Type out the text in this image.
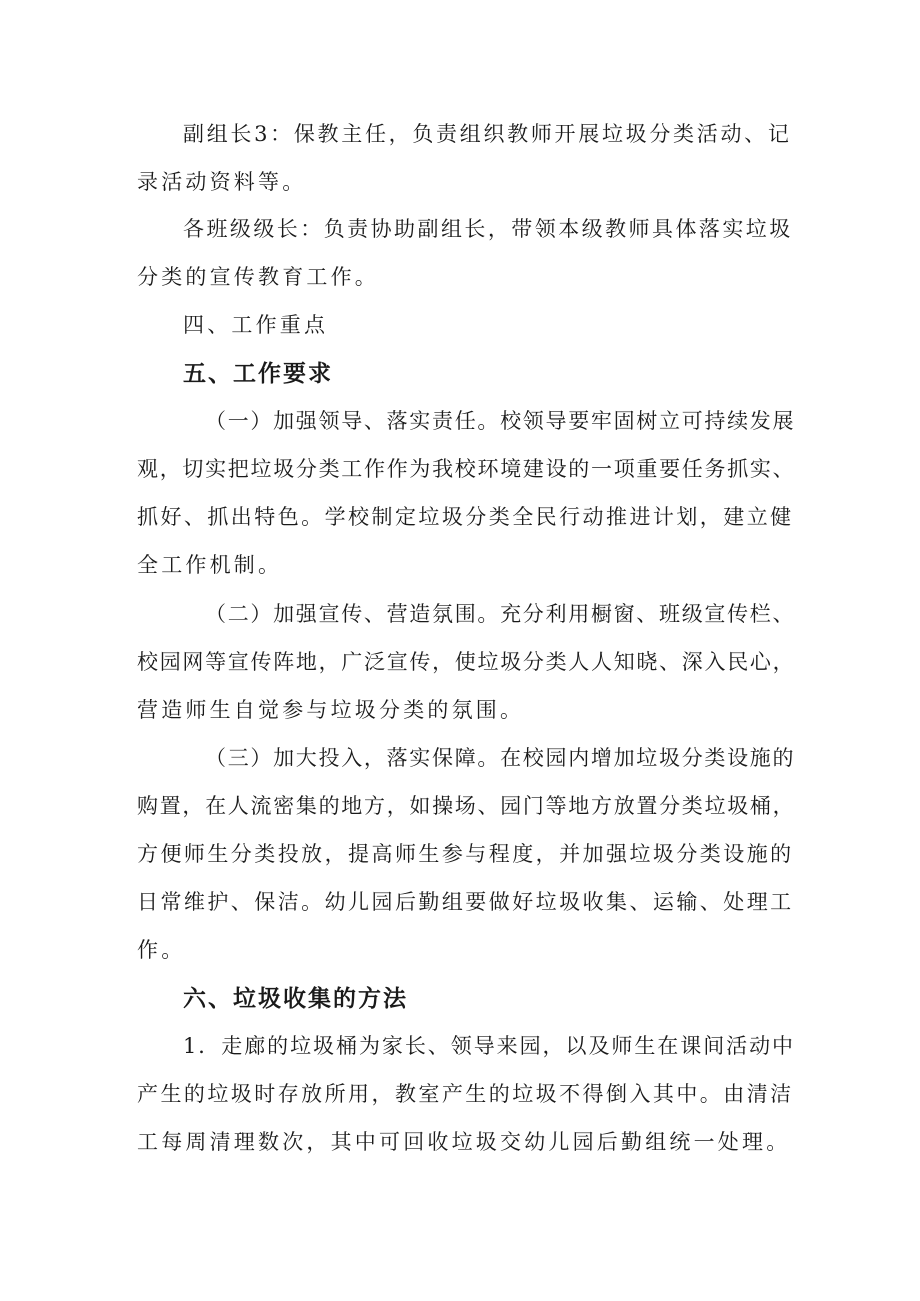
副组长3：保教主任，负责组织教师开展垃圾分类活动、记
录活动资料等。
各班级级长：负责协助副组长，带领本级教师具体落实垃圾
分类的宣传教育工作。
四、工作重点
五、工作要求
（一）加强领导、落实责任。校领导要牢固树立可持续发展
观，切实把垃圾分类工作作为我校环境建设的一项重要任务抓实、
抓好、抓出特色。学校制定垃圾分类全民行动推进计划，建立健
全工作机制。
（二）加强宣传、营造氛围。充分利用橱窗、班级宣传栏、
校园网等宣传阵地，广泛宣传，使垃圾分类人人知晓、深入民心，
营造师生自觉参与垃圾分类的氛围。
（三）加大投入，落实保障。在校园内增加垃圾分类设施的
购置，在人流密集的地方，如操场、园门等地方放置分类垃圾桶，
方便师生分类投放，提高师生参与程度，并加强垃圾分类设施的
日常维护、保洁。幼儿园后勤组要做好垃圾收集、运输、处理工
作。
六、垃圾收集的方法
1．走廊的垃圾桶为家长、领导来园，以及师生在课间活动中
产生的垃圾时存放所用，教室产生的垃圾不得倒入其中。由清洁
工每周清理数次，其中可回收垃圾交幼儿园后勤组统一处理。
